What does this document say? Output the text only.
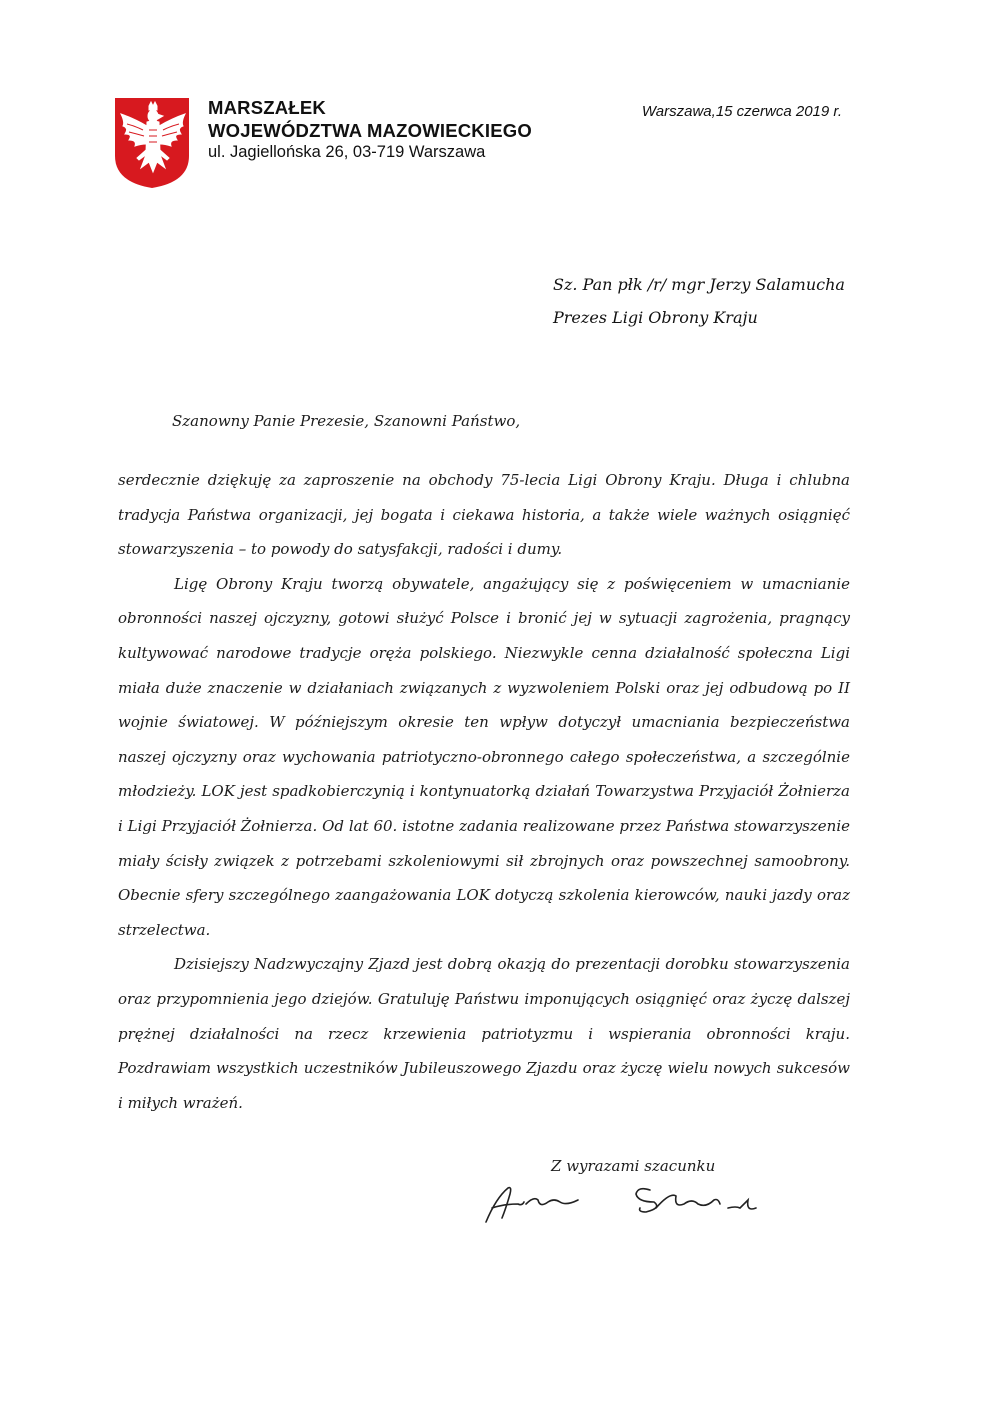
MARSZAŁEK
WOJEWÓDZTWA MAZOWIECKIEGO
ul. Jagiellońska 26, 03-719 Warszawa
Warszawa,15 czerwca 2019 r.
Sz. Pan płk /r/ mgr Jerzy Salamucha
Prezes Ligi Obrony Kraju
Szanowny Panie Prezesie, Szanowni Państwo,

serdecznie dziękuję za zaproszenie na obchody 75-lecia Ligi Obrony Kraju. Długa i chlubna tradycja Państwa organizacji, jej bogata i ciekawa historia, a także wiele ważnych osiągnięć stowarzyszenia – to powody do satysfakcji, radości i dumy.

Ligę Obrony Kraju tworzą obywatele, angażujący się z poświęceniem w umacnianie obronności naszej ojczyzny, gotowi służyć Polsce i bronić jej w sytuacji zagrożenia, pragnący kultywować narodowe tradycje oręża polskiego. Niezwykle cenna działalność społeczna Ligi miała duże znaczenie w działaniach związanych z wyzwoleniem Polski oraz jej odbudową po II wojnie światowej. W późniejszym okresie ten wpływ dotyczył umacniania bezpieczeństwa naszej ojczyzny oraz wychowania patriotyczno-obronnego całego społeczeństwa, a szczególnie młodzieży. LOK jest spadkobierczynią i kontynuatorką działań Towarzystwa Przyjaciół Żołnierza i Ligi Przyjaciół Żołnierza. Od lat 60. istotne zadania realizowane przez Państwa stowarzyszenie miały ścisły związek z potrzebami szkoleniowymi sił zbrojnych oraz powszechnej samoobrony. Obecnie sfery szczególnego zaangażowania LOK dotyczą szkolenia kierowców, nauki jazdy oraz strzelectwa.

Dzisiejszy Nadzwyczajny Zjazd jest dobrą okazją do prezentacji dorobku stowarzyszenia oraz przypomnienia jego dziejów. Gratuluję Państwu imponujących osiągnięć oraz życzę dalszej prężnej działalności na rzecz krzewienia patriotyzmu i wspierania obronności kraju. Pozdrawiam wszystkich uczestników Jubileuszowego Zjazdu oraz życzę wielu nowych sukcesów i miłych wrażeń.

Z wyrazami szacunku
